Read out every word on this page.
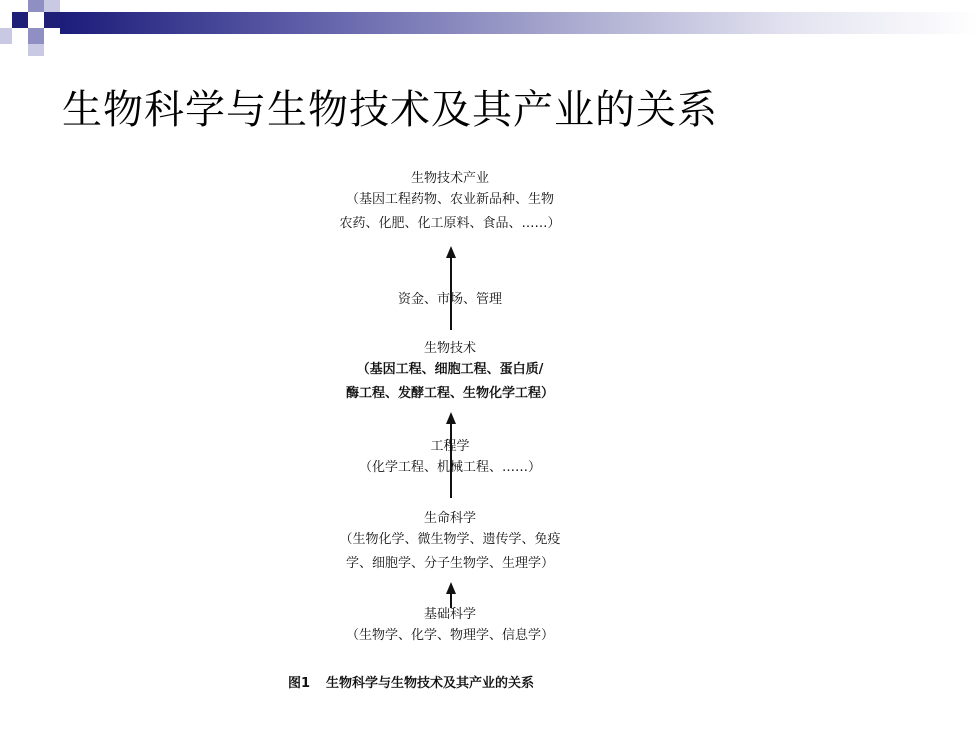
生物科学与生物技术及其产业的关系
生物技术产业
（基因工程药物、农业新品种、生物
农药、化肥、化工原料、食品、……）
资金、市场、管理
生物技术
（基因工程、细胞工程、蛋白质/
酶工程、发酵工程、生物化学工程）
工程学
（化学工程、机械工程、……）
生命科学
（生物化学、微生物学、遗传学、免疫
学、细胞学、分子生物学、生理学）
基础科学
（生物学、化学、物理学、信息学）
图1 生物科学与生物技术及其产业的关系
